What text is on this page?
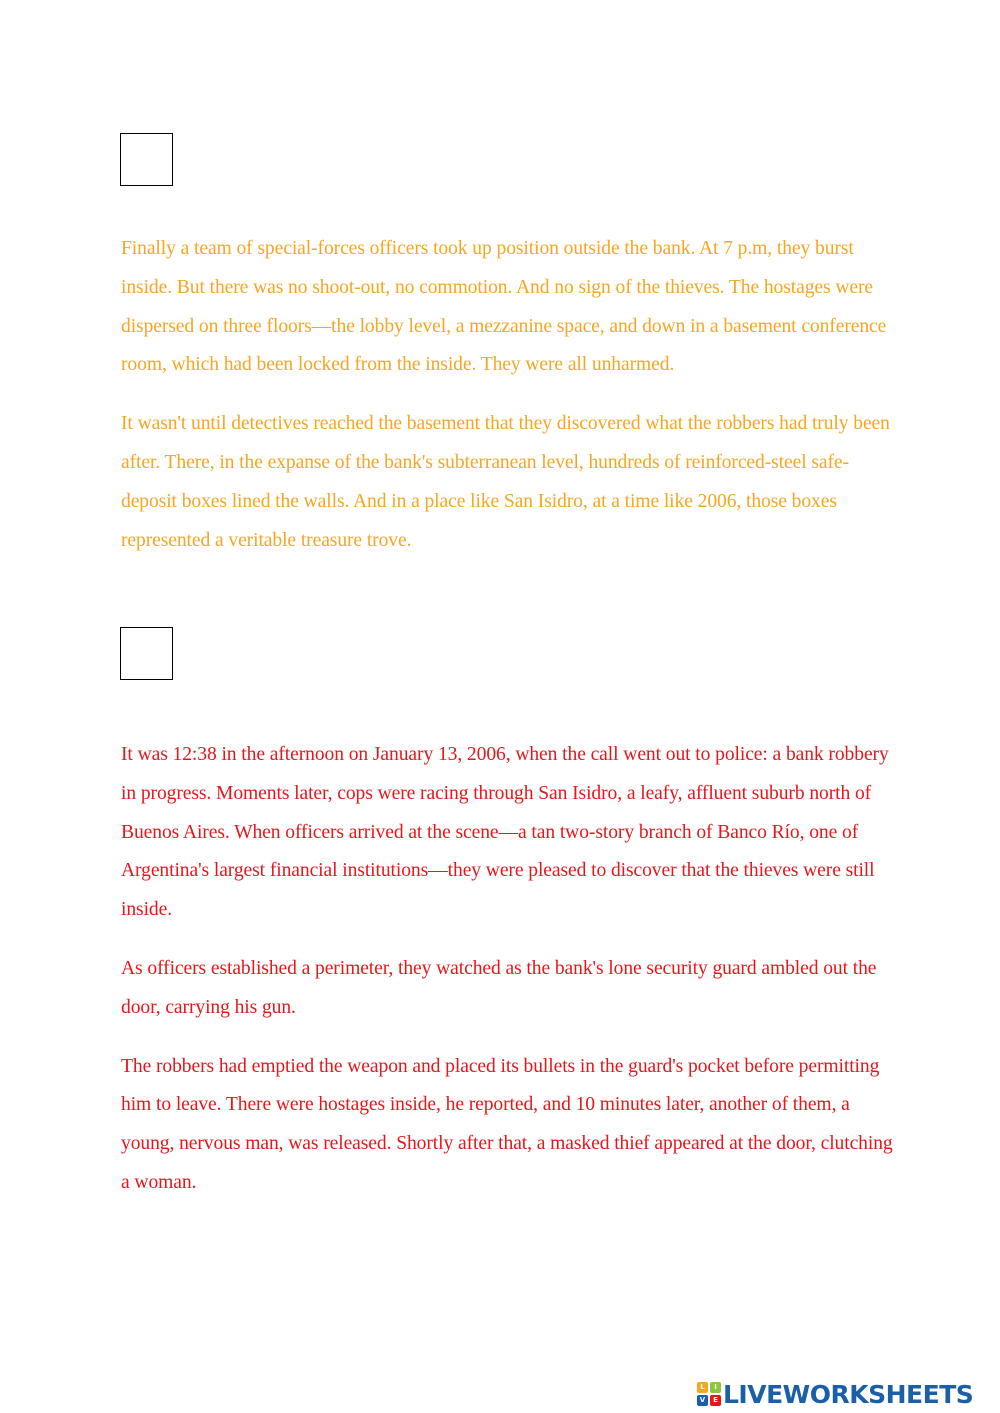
Finally a team of special-forces officers took up position outside the bank. At 7 p.m, they burst inside. But there was no shoot-out, no commotion. And no sign of the thieves. The hostages were dispersed on three floors—the lobby level, a mezzanine space, and down in a basement conference room, which had been locked from the inside. They were all unharmed.

It wasn't until detectives reached the basement that they discovered what the robbers had truly been after. There, in the expanse of the bank's subterranean level, hundreds of reinforced-steel safe-deposit boxes lined the walls. And in a place like San Isidro, at a time like 2006, those boxes represented a veritable treasure trove.

It was 12:38 in the afternoon on January 13, 2006, when the call went out to police: a bank robbery in progress. Moments later, cops were racing through San Isidro, a leafy, affluent suburb north of Buenos Aires. When officers arrived at the scene—a tan two-story branch of Banco Río, one of Argentina's largest financial institutions—they were pleased to discover that the thieves were still inside.

As officers established a perimeter, they watched as the bank's lone security guard ambled out the door, carrying his gun.

The robbers had emptied the weapon and placed its bullets in the guard's pocket before permitting him to leave. There were hostages inside, he reported, and 10 minutes later, another of them, a young, nervous man, was released. Shortly after that, a masked thief appeared at the door, clutching a woman.

L	I
V	E LIVEWORKSHEETS
